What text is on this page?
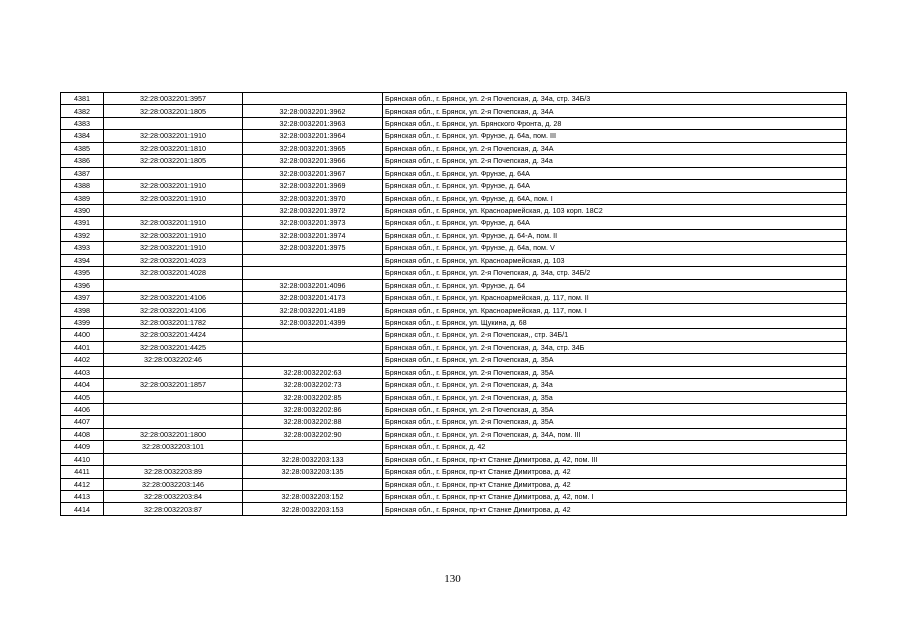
4381	32:28:0032201:3957		Брянская обл., г. Брянск, ул. 2-я Почепская, д. 34а, стр. 34Б/3
4382	32:28:0032201:1805	32:28:0032201:3962	Брянская обл., г. Брянск, ул. 2-я Почепская, д. 34А
4383		32:28:0032201:3963	Брянская обл., г. Брянск, ул. Брянского Фронта, д. 28
4384	32:28:0032201:1910	32:28:0032201:3964	Брянская обл., г. Брянск, ул. Фрунзе, д. 64а, пом. III
4385	32:28:0032201:1810	32:28:0032201:3965	Брянская обл., г. Брянск, ул. 2-я Почепская, д. 34А
4386	32:28:0032201:1805	32:28:0032201:3966	Брянская обл., г. Брянск, ул. 2-я Почепская, д. 34а
4387		32:28:0032201:3967	Брянская обл., г. Брянск, ул. Фрунзе, д. 64А
4388	32:28:0032201:1910	32:28:0032201:3969	Брянская обл., г. Брянск, ул. Фрунзе, д. 64А
4389	32:28:0032201:1910	32:28:0032201:3970	Брянская обл., г. Брянск, ул. Фрунзе, д. 64А, пом. I
4390		32:28:0032201:3972	Брянская обл., г. Брянск, ул. Красноармейская, д. 103 корп. 18С2
4391	32:28:0032201:1910	32:28:0032201:3973	Брянская обл., г. Брянск, ул. Фрунзе, д. 64А
4392	32:28:0032201:1910	32:28:0032201:3974	Брянская обл., г. Брянск, ул. Фрунзе, д. 64-А, пом. II
4393	32:28:0032201:1910	32:28:0032201:3975	Брянская обл., г. Брянск, ул. Фрунзе, д. 64а, пом. V
4394	32:28:0032201:4023		Брянская обл., г. Брянск, ул. Красноармейская, д. 103
4395	32:28:0032201:4028		Брянская обл., г. Брянск, ул. 2-я Почепская, д. 34а, стр. 34Б/2
4396		32:28:0032201:4096	Брянская обл., г. Брянск, ул. Фрунзе, д. 64
4397	32:28:0032201:4106	32:28:0032201:4173	Брянская обл., г. Брянск, ул. Красноармейская, д. 117, пом. II
4398	32:28:0032201:4106	32:28:0032201:4189	Брянская обл., г. Брянск, ул. Красноармейская, д. 117, пом. I
4399	32:28:0032201:1782	32:28:0032201:4399	Брянская обл., г. Брянск, ул. Щукина, д. 68
4400	32:28:0032201:4424		Брянская обл., г. Брянск, ул. 2-я Почепская,, стр. 34Б/1
4401	32:28:0032201:4425		Брянская обл., г. Брянск, ул. 2-я Почепская, д. 34а, стр. 34Б
4402	32:28:0032202:46		Брянская обл., г. Брянск, ул. 2-я Почепская, д. 35А
4403		32:28:0032202:63	Брянская обл., г. Брянск, ул. 2-я Почепская, д. 35А
4404	32:28:0032201:1857	32:28:0032202:73	Брянская обл., г. Брянск, ул. 2-я Почепская, д. 34а
4405		32:28:0032202:85	Брянская обл., г. Брянск, ул. 2-я Почепская, д. 35а
4406		32:28:0032202:86	Брянская обл., г. Брянск, ул. 2-я Почепская, д. 35А
4407		32:28:0032202:88	Брянская обл., г. Брянск, ул. 2-я Почепская, д. 35А
4408	32:28:0032201:1800	32:28:0032202:90	Брянская обл., г. Брянск, ул. 2-я Почепская, д. 34А, пом. III
4409	32:28:0032203:101		Брянская обл., г. Брянск, д. 42
4410		32:28:0032203:133	Брянская обл., г. Брянск, пр-кт Станке Димитрова, д. 42, пом. III
4411	32:28:0032203:89	32:28:0032203:135	Брянская обл., г. Брянск, пр-кт Станке Димитрова, д. 42
4412	32:28:0032203:146		Брянская обл., г. Брянск, пр-кт Станке Димитрова, д. 42
4413	32:28:0032203:84	32:28:0032203:152	Брянская обл., г. Брянск, пр-кт Станке Димитрова, д. 42, пом. I
4414	32:28:0032203:87	32:28:0032203:153	Брянская обл., г. Брянск, пр-кт Станке Димитрова, д. 42
130
